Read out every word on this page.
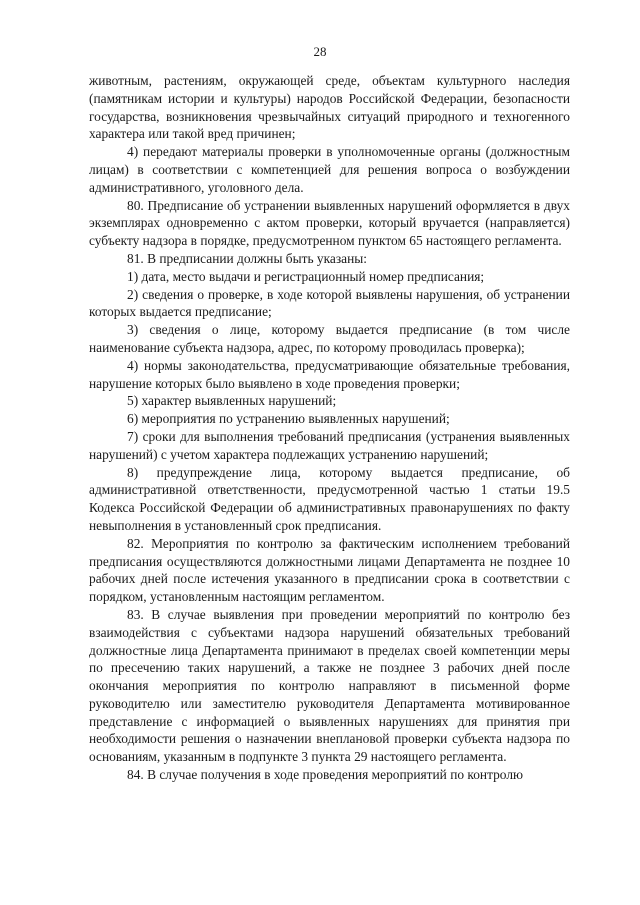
28

животным, растениям, окружающей среде, объектам культурного наследия (памятникам истории и культуры) народов Российской Федерации, безопасности государства, возникновения чрезвычайных ситуаций природного и техногенного характера или такой вред причинен;

4) передают материалы проверки в уполномоченные органы (должностным лицам) в соответствии с компетенцией для решения вопроса о возбуждении административного, уголовного дела.

80. Предписание об устранении выявленных нарушений оформляется в двух экземплярах одновременно с актом проверки, который вручается (направляется) субъекту надзора в порядке, предусмотренном пунктом 65 настоящего регламента.

81. В предписании должны быть указаны:

1) дата, место выдачи и регистрационный номер предписания;

2) сведения о проверке, в ходе которой выявлены нарушения, об устранении которых выдается предписание;

3) сведения о лице, которому выдается предписание (в том числе наименование субъекта надзора, адрес, по которому проводилась проверка);

4) нормы законодательства, предусматривающие обязательные требования, нарушение которых было выявлено в ходе проведения проверки;

5) характер выявленных нарушений;

6) мероприятия по устранению выявленных нарушений;

7) сроки для выполнения требований предписания (устранения выявленных нарушений) с учетом характера подлежащих устранению нарушений;

8) предупреждение лица, которому выдается предписание, об административной ответственности, предусмотренной частью 1 статьи 19.5 Кодекса Российской Федерации об административных правонарушениях по факту невыполнения в установленный срок предписания.

82. Мероприятия по контролю за фактическим исполнением требований предписания осуществляются должностными лицами Департамента не позднее 10 рабочих дней после истечения указанного в предписании срока в соответствии с порядком, установленным настоящим регламентом.

83. В случае выявления при проведении мероприятий по контролю без взаимодействия с субъектами надзора нарушений обязательных требований должностные лица Департамента принимают в пределах своей компетенции меры по пресечению таких нарушений, а также не позднее 3 рабочих дней после окончания мероприятия по контролю направляют в письменной форме руководителю или заместителю руководителя Департамента мотивированное представление с информацией о выявленных нарушениях для принятия при необходимости решения о назначении внеплановой проверки субъекта надзора по основаниям, указанным в подпункте 3 пункта 29 настоящего регламента.

84. В случае получения в ходе проведения мероприятий по контролю
